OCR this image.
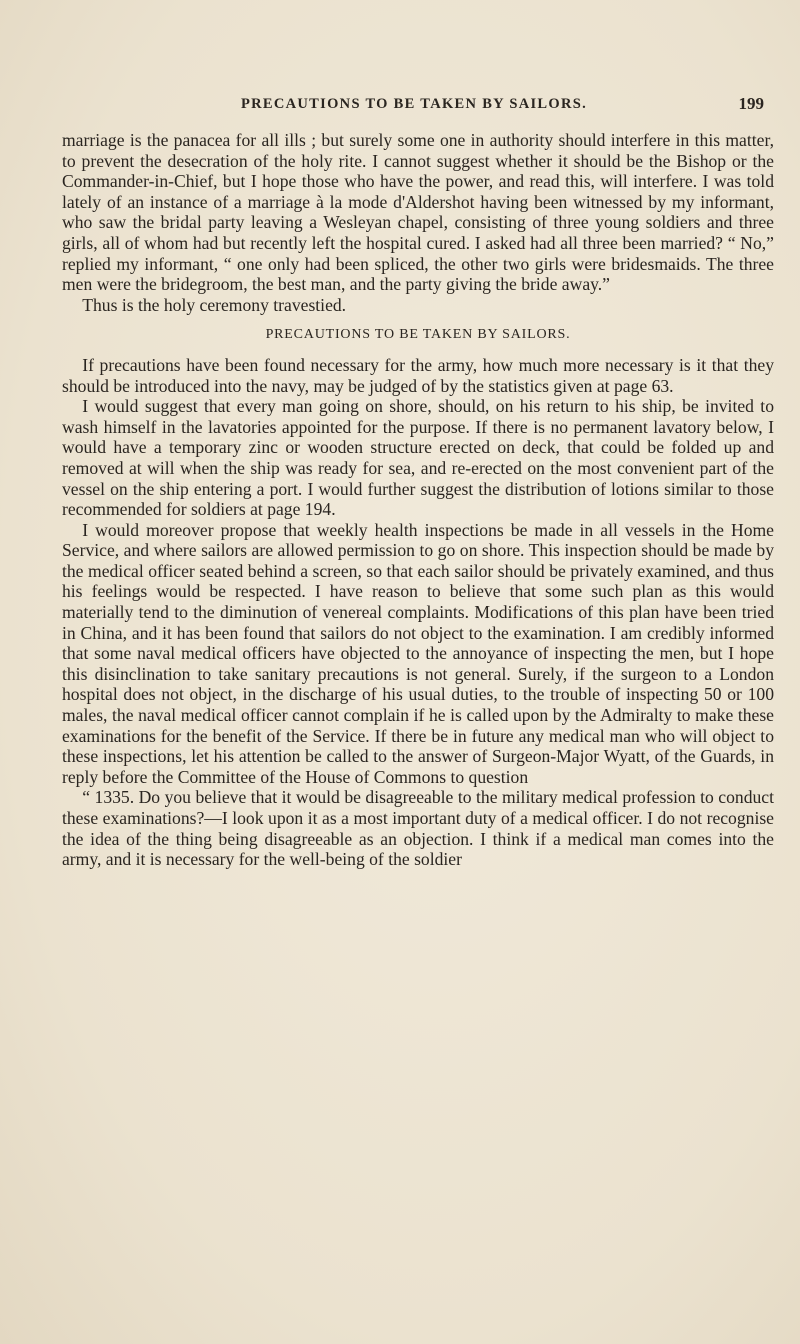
PRECAUTIONS TO BE TAKEN BY SAILORS.	199

marriage is the panacea for all ills ; but surely some one in authority should interfere in this matter, to prevent the desecration of the holy rite. I cannot suggest whether it should be the Bishop or the Commander-in-Chief, but I hope those who have the power, and read this, will interfere. I was told lately of an instance of a marriage à la mode d'Aldershot having been witnessed by my informant, who saw the bridal party leaving a Wesleyan chapel, consisting of three young soldiers and three girls, all of whom had but recently left the hospital cured. I asked had all three been married? “ No,” replied my informant, “ one only had been spliced, the other two girls were bridesmaids. The three men were the bridegroom, the best man, and the party giving the bride away.”

Thus is the holy ceremony travestied.

PRECAUTIONS TO BE TAKEN BY SAILORS.

If precautions have been found necessary for the army, how much more necessary is it that they should be introduced into the navy, may be judged of by the statistics given at page 63.

I would suggest that every man going on shore, should, on his return to his ship, be invited to wash himself in the lavatories appointed for the purpose. If there is no permanent lavatory below, I would have a temporary zinc or wooden structure erected on deck, that could be folded up and removed at will when the ship was ready for sea, and re-erected on the most convenient part of the vessel on the ship entering a port. I would further suggest the distribution of lotions similar to those recommended for soldiers at page 194.

I would moreover propose that weekly health inspections be made in all vessels in the Home Service, and where sailors are allowed permission to go on shore. This inspection should be made by the medical officer seated behind a screen, so that each sailor should be privately examined, and thus his feelings would be respected. I have reason to believe that some such plan as this would materially tend to the diminution of venereal complaints. Modifications of this plan have been tried in China, and it has been found that sailors do not object to the examination. I am credibly informed that some naval medical officers have objected to the annoyance of inspecting the men, but I hope this disinclination to take sanitary precautions is not general. Surely, if the surgeon to a London hospital does not object, in the discharge of his usual duties, to the trouble of inspecting 50 or 100 males, the naval medical officer cannot complain if he is called upon by the Admiralty to make these examinations for the benefit of the Service. If there be in future any medical man who will object to these inspections, let his attention be called to the answer of Surgeon-Major Wyatt, of the Guards, in reply before the Committee of the House of Commons to question

“ 1335. Do you believe that it would be disagreeable to the military medical profession to conduct these examinations?—I look upon it as a most important duty of a medical officer. I do not recognise the idea of the thing being disagreeable as an objection. I think if a medical man comes into the army, and it is necessary for the well-being of the soldier
